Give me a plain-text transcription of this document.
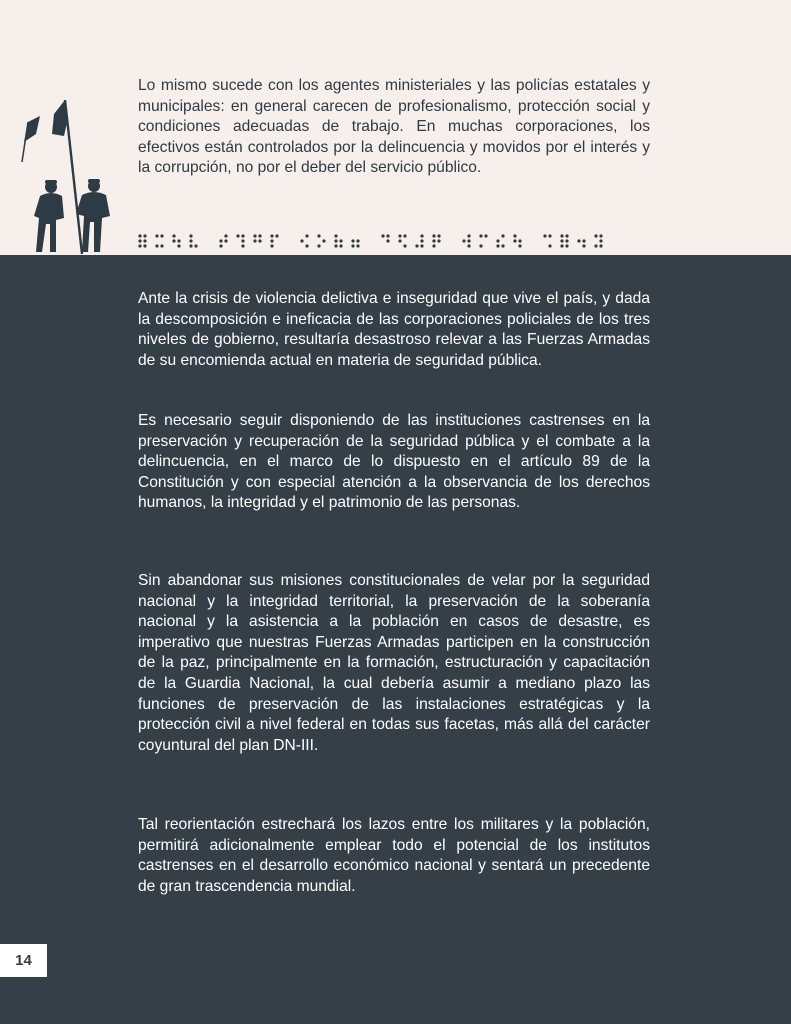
Lo mismo sucede con los agentes ministeriales y las policías estatales y municipales: en general carecen de profesionalismo, protección social y condiciones adecuadas de trabajo. En muchas corporaciones, los efectivos están controlados por la delincuencia y movidos por el interés y la corrupción, no por el deber del servicio público.

Ante la crisis de violencia delictiva e inseguridad que vive el país, y dada la descomposición e ineficacia de las corporaciones policiales de los tres niveles de gobierno, resultaría desastroso relevar a las Fuerzas Armadas de su encomienda actual en materia de seguridad pública.

Es necesario seguir disponiendo de las instituciones castrenses en la preservación y recuperación de la seguridad pública y el combate a la delincuencia, en el marco de lo dispuesto en el artículo 89 de la Constitución y con especial atención a la observancia de los derechos humanos, la integridad y el patrimonio de las personas.

Sin abandonar sus misiones constitucionales de velar por la seguridad nacional y la integridad territorial, la preservación de la soberanía nacional y la asistencia a la población en casos de desastre, es imperativo que nuestras Fuerzas Armadas participen en la construcción de la paz, principalmente en la formación, estructuración y capacitación de la Guardia Nacional, la cual debería asumir a mediano plazo las funciones de preservación de las instalaciones estratégicas y la protección civil a nivel federal en todas sus facetas, más allá del carácter coyuntural del plan DN-III.

Tal reorientación estrechará los lazos entre los militares y la población, permitirá adicionalmente emplear todo el potencial de los institutos castrenses en el desarrollo económico nacional y sentará un precedente de gran trascendencia mundial.

14
